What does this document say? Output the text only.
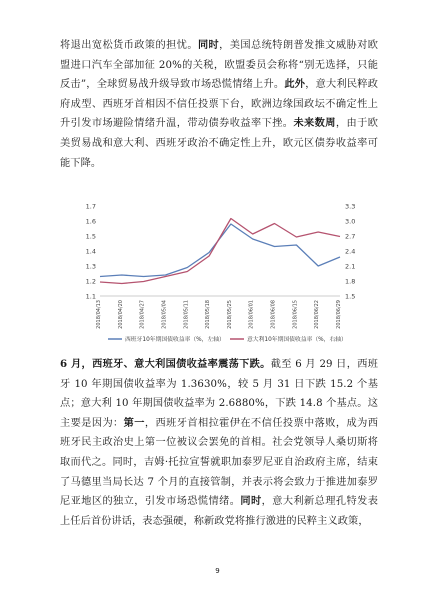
将退出宽松货币政策的担忧。同时，美国总统特朗普发推文威胁对欧盟进口汽车全部加征 20%的关税，欧盟委员会称将“别无选择，只能反击”，全球贸易战升级导致市场恐慌情绪上升。此外，意大利民粹政府成型、西班牙首相因不信任投票下台，欧洲边缘国政坛不确定性上升引发市场避险情绪升温，带动债券收益率下挫。未来数周，由于欧美贸易战和意大利、西班牙政治不确定性上升，欧元区债券收益率可能下降。
1.7
1.6
1.5
1.4
1.3
1.2
1.1
3.3
3.0
2.7
2.4
2.1
1.8
1.5
2018/04/13	2018/04/20	2018/04/27	2018/05/04	2018/05/11	2018/05/18	2018/05/25	2018/06/01	2018/06/08	2018/06/15	2018/06/22	2018/06/29
西班牙10年期国债收益率（%，左轴）	意大利10年期国债收益率（%，右轴）
6 月，西班牙、意大利国债收益率震荡下跌。截至 6 月 29 日，西班牙 10 年期国债收益率为 1.3630%，较 5 月 31 日下跌 15.2 个基点；意大利 10 年期国债收益率为 2.6880%，下跌 14.8 个基点。这主要是因为：第一，西班牙首相拉霍伊在不信任投票中落败，成为西班牙民主政治史上第一位被议会罢免的首相。社会党领导人桑切斯将取而代之。同时，吉姆·托拉宣誓就职加泰罗尼亚自治政府主席，结束了马德里当局长达 7 个月的直接管制，并表示将会致力于推进加泰罗尼亚地区的独立，引发市场恐慌情绪。同时，意大利新总理孔特发表上任后首份讲话，表态强硬，称新政党将推行激进的民粹主义政策，
9
